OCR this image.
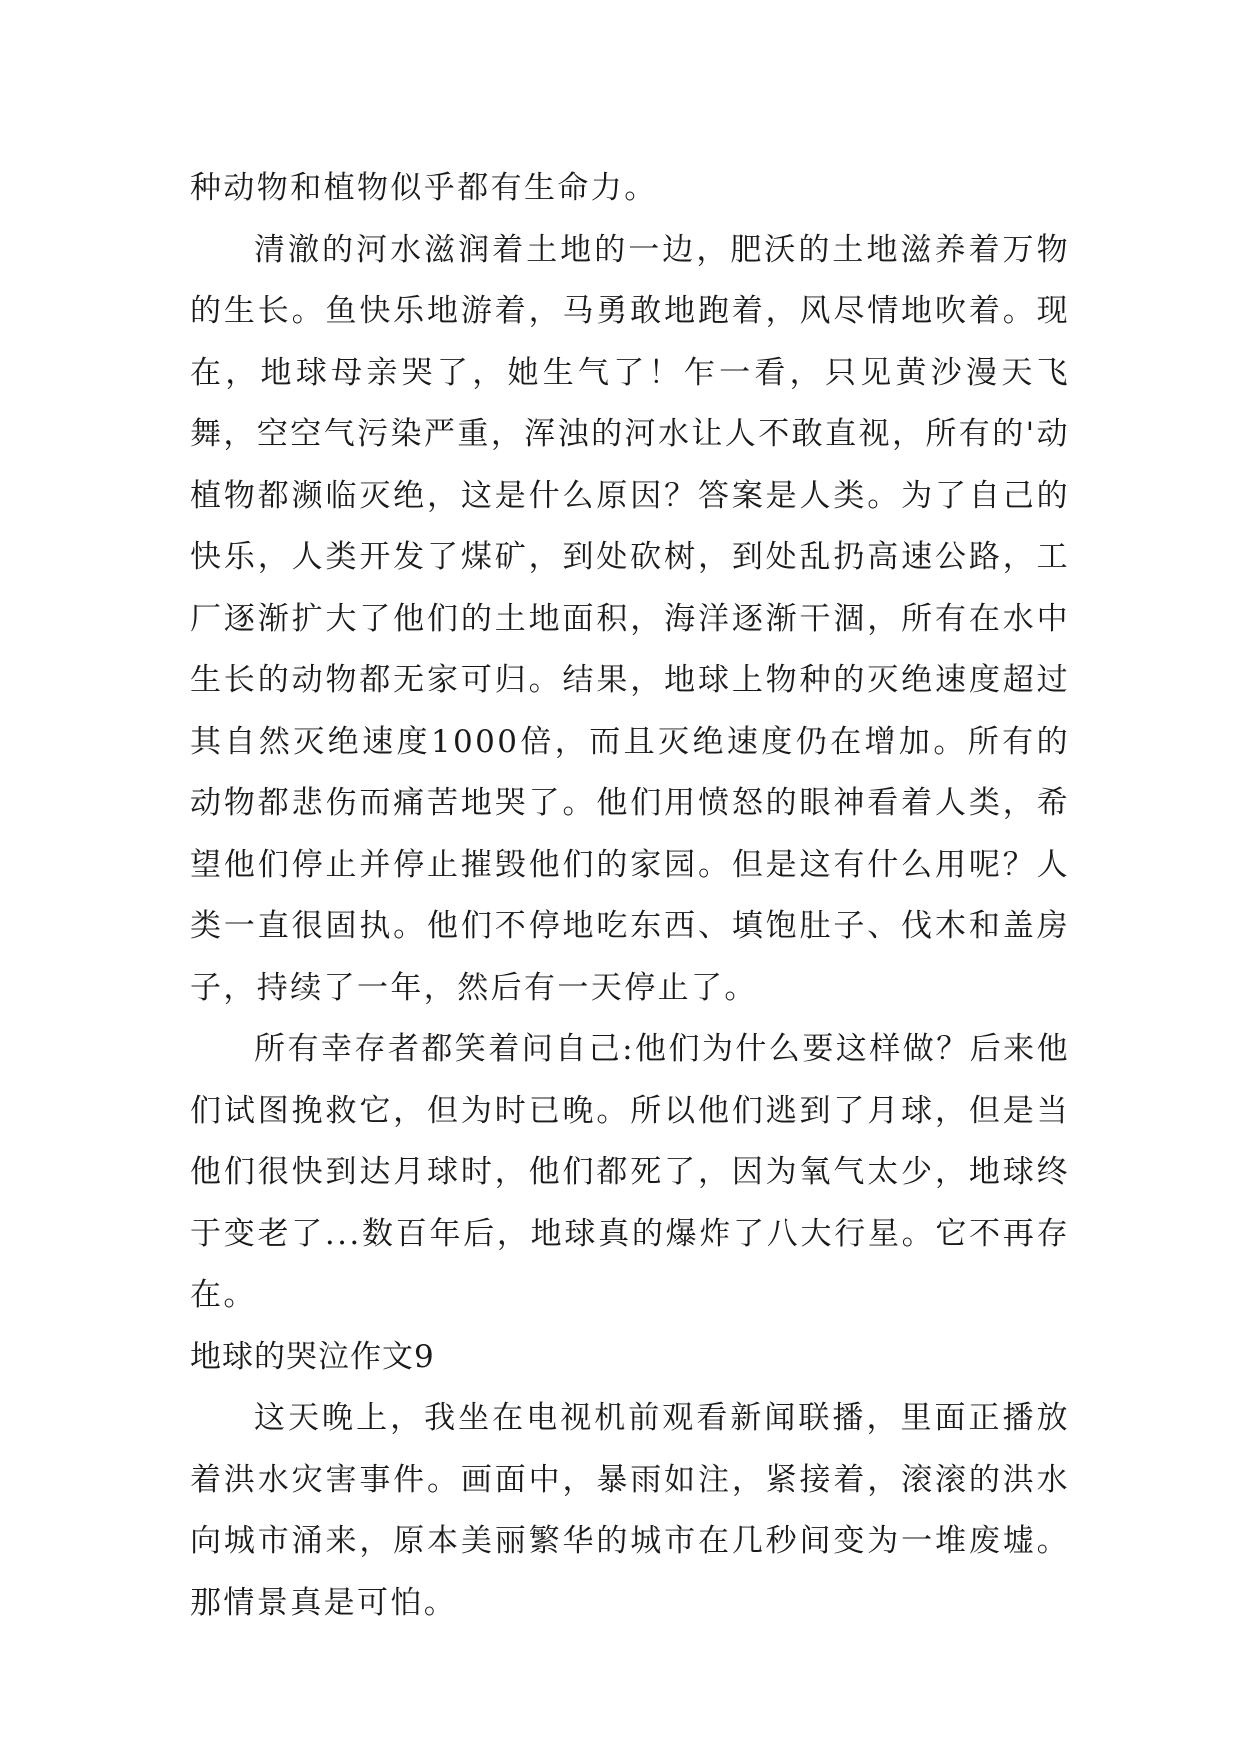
种动物和植物似乎都有生命力。

清澈的河水滋润着土地的一边，肥沃的土地滋养着万物的生长。鱼快乐地游着，马勇敢地跑着，风尽情地吹着。现在，地球母亲哭了，她生气了！乍一看，只见黄沙漫天飞舞，空空气污染严重，浑浊的河水让人不敢直视，所有的'动植物都濒临灭绝，这是什么原因？答案是人类。为了自己的快乐，人类开发了煤矿，到处砍树，到处乱扔高速公路，工厂逐渐扩大了他们的土地面积，海洋逐渐干涸，所有在水中生长的动物都无家可归。结果，地球上物种的灭绝速度超过其自然灭绝速度1000倍，而且灭绝速度仍在增加。所有的动物都悲伤而痛苦地哭了。他们用愤怒的眼神看着人类，希望他们停止并停止摧毁他们的家园。但是这有什么用呢？人类一直很固执。他们不停地吃东西、填饱肚子、伐木和盖房子，持续了一年，然后有一天停止了。

所有幸存者都笑着问自己:他们为什么要这样做？后来他们试图挽救它，但为时已晚。所以他们逃到了月球，但是当他们很快到达月球时，他们都死了，因为氧气太少，地球终于变老了...数百年后，地球真的爆炸了八大行星。它不再存在。

地球的哭泣作文9

这天晚上，我坐在电视机前观看新闻联播，里面正播放着洪水灾害事件。画面中，暴雨如注，紧接着，滚滚的洪水向城市涌来，原本美丽繁华的城市在几秒间变为一堆废墟。那情景真是可怕。
